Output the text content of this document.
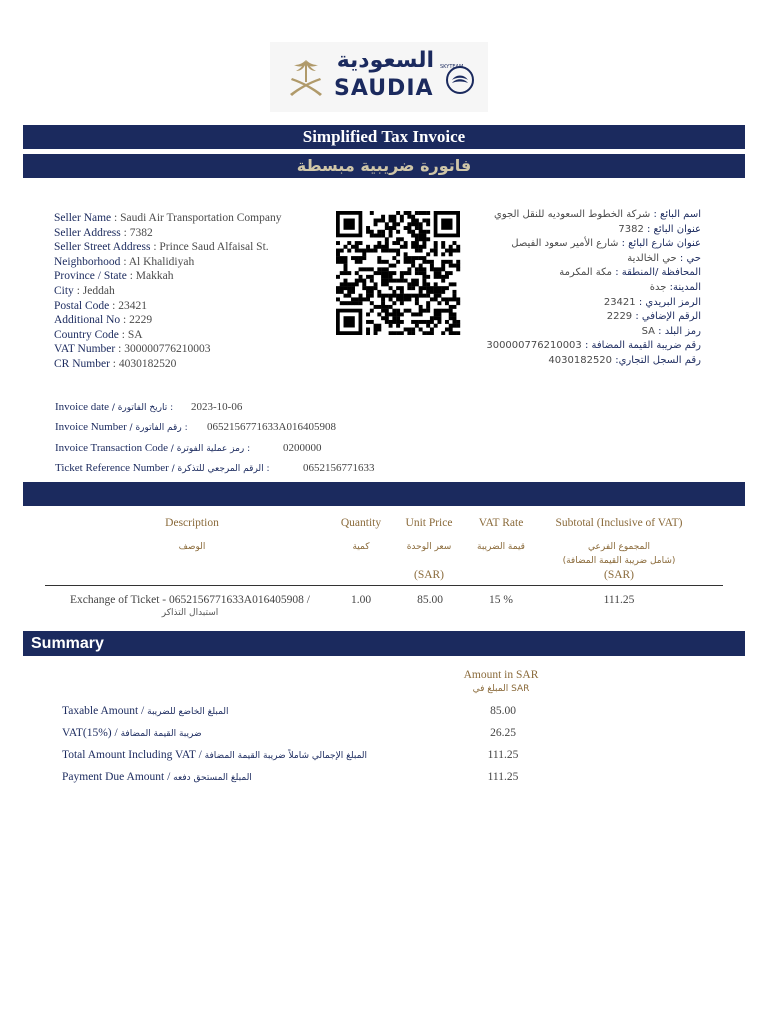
السعودية
SAUDIA
SKYTEAM
Simplified Tax Invoice
فاتورة ضريبية مبسطة
Seller Name : Saudi Air Transportation Company
Seller Address : 7382
Seller Street Address : Prince Saud Alfaisal St.
Neighborhood : Al Khalidiyah
Province / State : Makkah
City : Jeddah
Postal Code : 23421
Additional No : 2229
Country Code : SA
VAT Number : 300000776210003
CR Number : 4030182520
اسم البائع : شركة الخطوط السعوديه للنقل الجوي
عنوان البائع : 7382
عنوان شارع البائع : شارع الأمير سعود الفيصل
حي : حي الخالدية
المحافظة /المنطقة : مكة المكرمة
المدينة: جدة
الرمز البريدي : 23421
الرقم الإضافي : 2229
رمز البلد : SA
رقم ضريبة القيمة المضافة : 300000776210003
رقم السجل التجاري: 4030182520
Invoice date / تاريخ الفاتورة : 2023-10-06
Invoice Number / رقم الفاتورة : 0652156771633A016405908
Invoice Transaction Code / رمز عملية الفوترة :	0200000
Ticket Reference Number / الرقم المرجعي للتذكرة :	0652156771633
Description
الوصف
Quantity
كمية
Unit Price
سعر الوحدة
(SAR)
VAT Rate
قيمة الضريبة
Subtotal (Inclusive of VAT)
المجموع الفرعي
(شامل ضريبة القيمة المضافة)
(SAR)
Exchange of Ticket - 0652156771633A016405908 /
استبدال التذاكر
1.00	85.00	15 %	111.25
Summary
Amount in SAR
المبلغ في SAR
Taxable Amount / المبلغ الخاضع للضريبة	85.00
VAT(15%) / ضريبة القيمة المضافة	26.25
Total Amount Including VAT / المبلغ الإجمالي شاملاً ضريبة القيمة المضافة	111.25
Payment Due Amount / المبلغ المستحق دفعه	111.25
